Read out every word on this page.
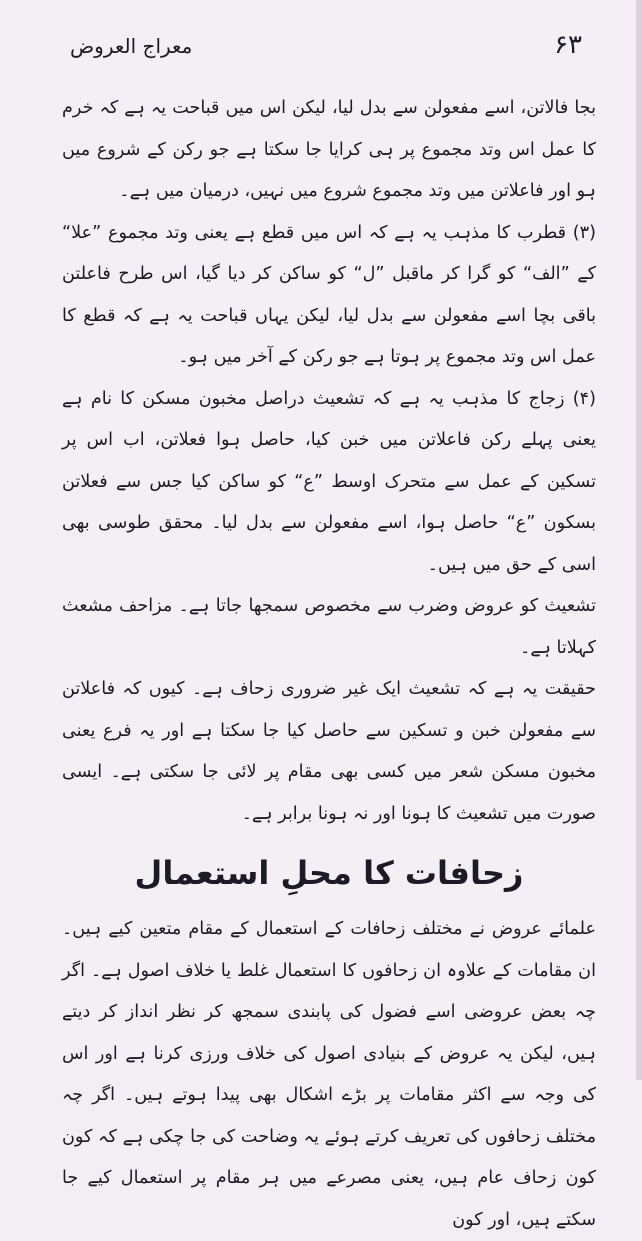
معراج العروض	۶۳

بجا فالاتن، اسے مفعولن سے بدل لیا، لیکن اس میں قباحت یہ ہے کہ خرم کا عمل اس وتد مجموع پر ہی کرایا جا سکتا ہے جو رکن کے شروع میں ہو اور فاعلاتن میں وتد مجموع شروع میں نہیں، درمیان میں ہے۔

(۳) قطرب کا مذہب یہ ہے کہ اس میں قطع ہے یعنی وتد مجموع ”علا“ کے ”الف“ کو گرا کر ماقبل ”ل“ کو ساکن کر دیا گیا، اس طرح فاعلتن باقی بچا اسے مفعولن سے بدل لیا، لیکن یہاں قباحت یہ ہے کہ قطع کا عمل اس وتد مجموع پر ہوتا ہے جو رکن کے آخر میں ہو۔

(۴) زجاج کا مذہب یہ ہے کہ تشعیث دراصل مخبون مسکن کا نام ہے یعنی پہلے رکن فاعلاتن میں خبن کیا، حاصل ہوا فعلاتن، اب اس پر تسکین کے عمل سے متحرک اوسط ”ع“ کو ساکن کیا جس سے فعلاتن بسکون ”ع“ حاصل ہوا، اسے مفعولن سے بدل لیا۔ محقق طوسی بھی اسی کے حق میں ہیں۔

تشعیث کو عروض وضرب سے مخصوص سمجھا جاتا ہے۔ مزاحف مشعث کہلاتا ہے۔

حقیقت یہ ہے کہ تشعیث ایک غیر ضروری زحاف ہے۔ کیوں کہ فاعلاتن سے مفعولن خبن و تسکین سے حاصل کیا جا سکتا ہے اور یہ فرع یعنی مخبون مسکن شعر میں کسی بھی مقام پر لائی جا سکتی ہے۔ ایسی صورت میں تشعیث کا ہونا اور نہ ہونا برابر ہے۔

زحافات کا محلِ استعمال

علمائے عروض نے مختلف زحافات کے استعمال کے مقام متعین کیے ہیں۔ ان مقامات کے علاوہ ان زحافوں کا استعمال غلط یا خلاف اصول ہے۔ اگر چہ بعض عروضی اسے فضول کی پابندی سمجھ کر نظر انداز کر دیتے ہیں، لیکن یہ عروض کے بنیادی اصول کی خلاف ورزی کرنا ہے اور اس کی وجہ سے اکثر مقامات پر بڑے اشکال بھی پیدا ہوتے ہیں۔ اگر چہ مختلف زحافوں کی تعریف کرتے ہوئے یہ وضاحت کی جا چکی ہے کہ کون کون زحاف عام ہیں، یعنی مصرعے میں ہر مقام پر استعمال کیے جا سکتے ہیں، اور کون
